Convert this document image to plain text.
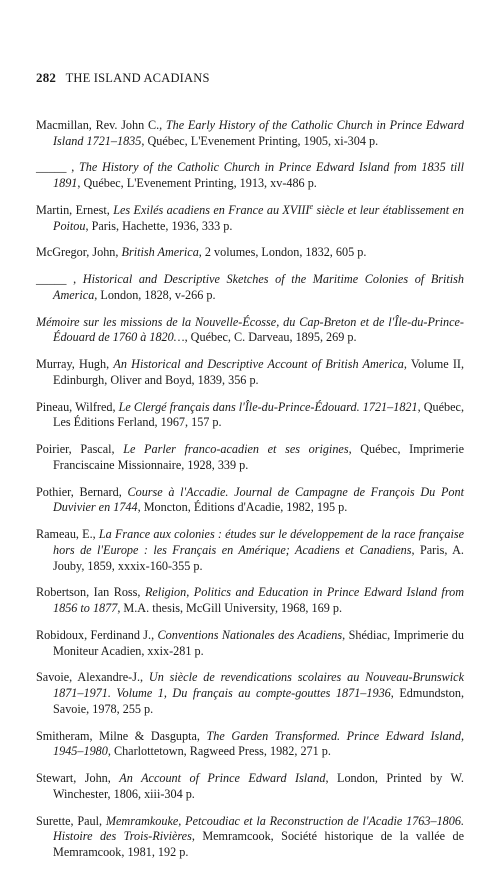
282 THE ISLAND ACADIANS

Macmillan, Rev. John C., The Early History of the Catholic Church in Prince Edward Island 1721–1835, Québec, L'Evenement Printing, 1905, xi-304 p.

_____ , The History of the Catholic Church in Prince Edward Island from 1835 till 1891, Québec, L'Evenement Printing, 1913, xv-486 p.

Martin, Ernest, Les Exilés acadiens en France au XVIIIe siècle et leur établissement en Poitou, Paris, Hachette, 1936, 333 p.

McGregor, John, British America, 2 volumes, London, 1832, 605 p.

_____ , Historical and Descriptive Sketches of the Maritime Colonies of British America, London, 1828, v-266 p.

Mémoire sur les missions de la Nouvelle-Écosse, du Cap-Breton et de l'Île-du-Prince-Édouard de 1760 à 1820…, Québec, C. Darveau, 1895, 269 p.

Murray, Hugh, An Historical and Descriptive Account of British America, Volume II, Edinburgh, Oliver and Boyd, 1839, 356 p.

Pineau, Wilfred, Le Clergé français dans l'Île-du-Prince-Édouard. 1721–1821, Québec, Les Éditions Ferland, 1967, 157 p.

Poirier, Pascal, Le Parler franco-acadien et ses origines, Québec, Imprimerie Franciscaine Missionnaire, 1928, 339 p.

Pothier, Bernard, Course à l'Accadie. Journal de Campagne de François Du Pont Duvivier en 1744, Moncton, Éditions d'Acadie, 1982, 195 p.

Rameau, E., La France aux colonies : études sur le développement de la race française hors de l'Europe : les Français en Amérique; Acadiens et Canadiens, Paris, A. Jouby, 1859, xxxix-160-355 p.

Robertson, Ian Ross, Religion, Politics and Education in Prince Edward Island from 1856 to 1877, M.A. thesis, McGill University, 1968, 169 p.

Robidoux, Ferdinand J., Conventions Nationales des Acadiens, Shédiac, Imprimerie du Moniteur Acadien, xxix-281 p.

Savoie, Alexandre-J., Un siècle de revendications scolaires au Nouveau-Brunswick 1871–1971. Volume 1, Du français au compte-gouttes 1871–1936, Edmundston, Savoie, 1978, 255 p.

Smitheram, Milne & Dasgupta, The Garden Transformed. Prince Edward Island, 1945–1980, Charlottetown, Ragweed Press, 1982, 271 p.

Stewart, John, An Account of Prince Edward Island, London, Printed by W. Winchester, 1806, xiii-304 p.

Surette, Paul, Memramkouke, Petcoudiac et la Reconstruction de l'Acadie 1763–1806. Histoire des Trois-Rivières, Memramcook, Société historique de la vallée de Memramcook, 1981, 192 p.
